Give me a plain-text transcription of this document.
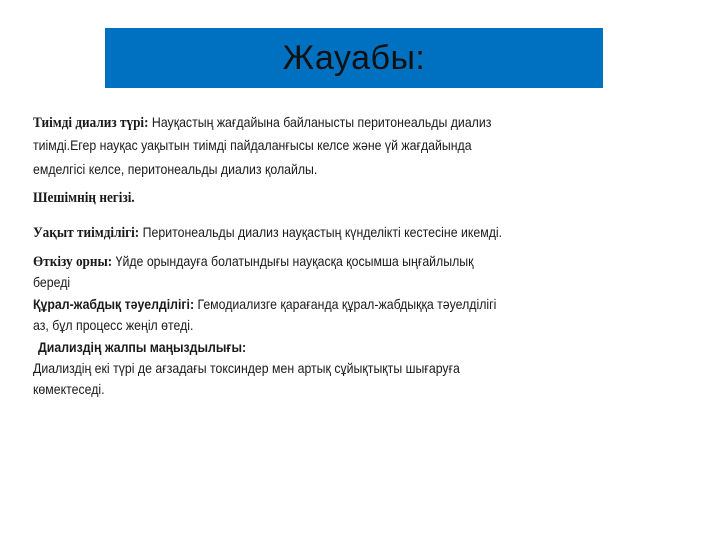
Жауабы:
Тиімді диализ түрі: Науқастың жағдайына байланысты перитонеальды диализ
тиімді.Егер науқас уақытын тиімді пайдаланғысы келсе және үй жағдайында
емделгісі келсе, перитонеальды диализ қолайлы.
Шешімнің негізі.
Уақыт тиімділігі: Перитонеальды диализ науқастың күнделікті кестесіне икемді.
Өткізу орны: Үйде орындауға болатындығы науқасқа қосымша ыңғайлылық
береді
Құрал-жабдық тәуелділігі: Гемодиализге қарағанда құрал-жабдыққа тәуелділігі
аз, бұл процесс жеңіл өтеді.
Диализдің жалпы маңыздылығы:
Диализдің екі түрі де ағзадағы токсиндер мен артық сұйықтықты шығаруға
көмектеседі.
